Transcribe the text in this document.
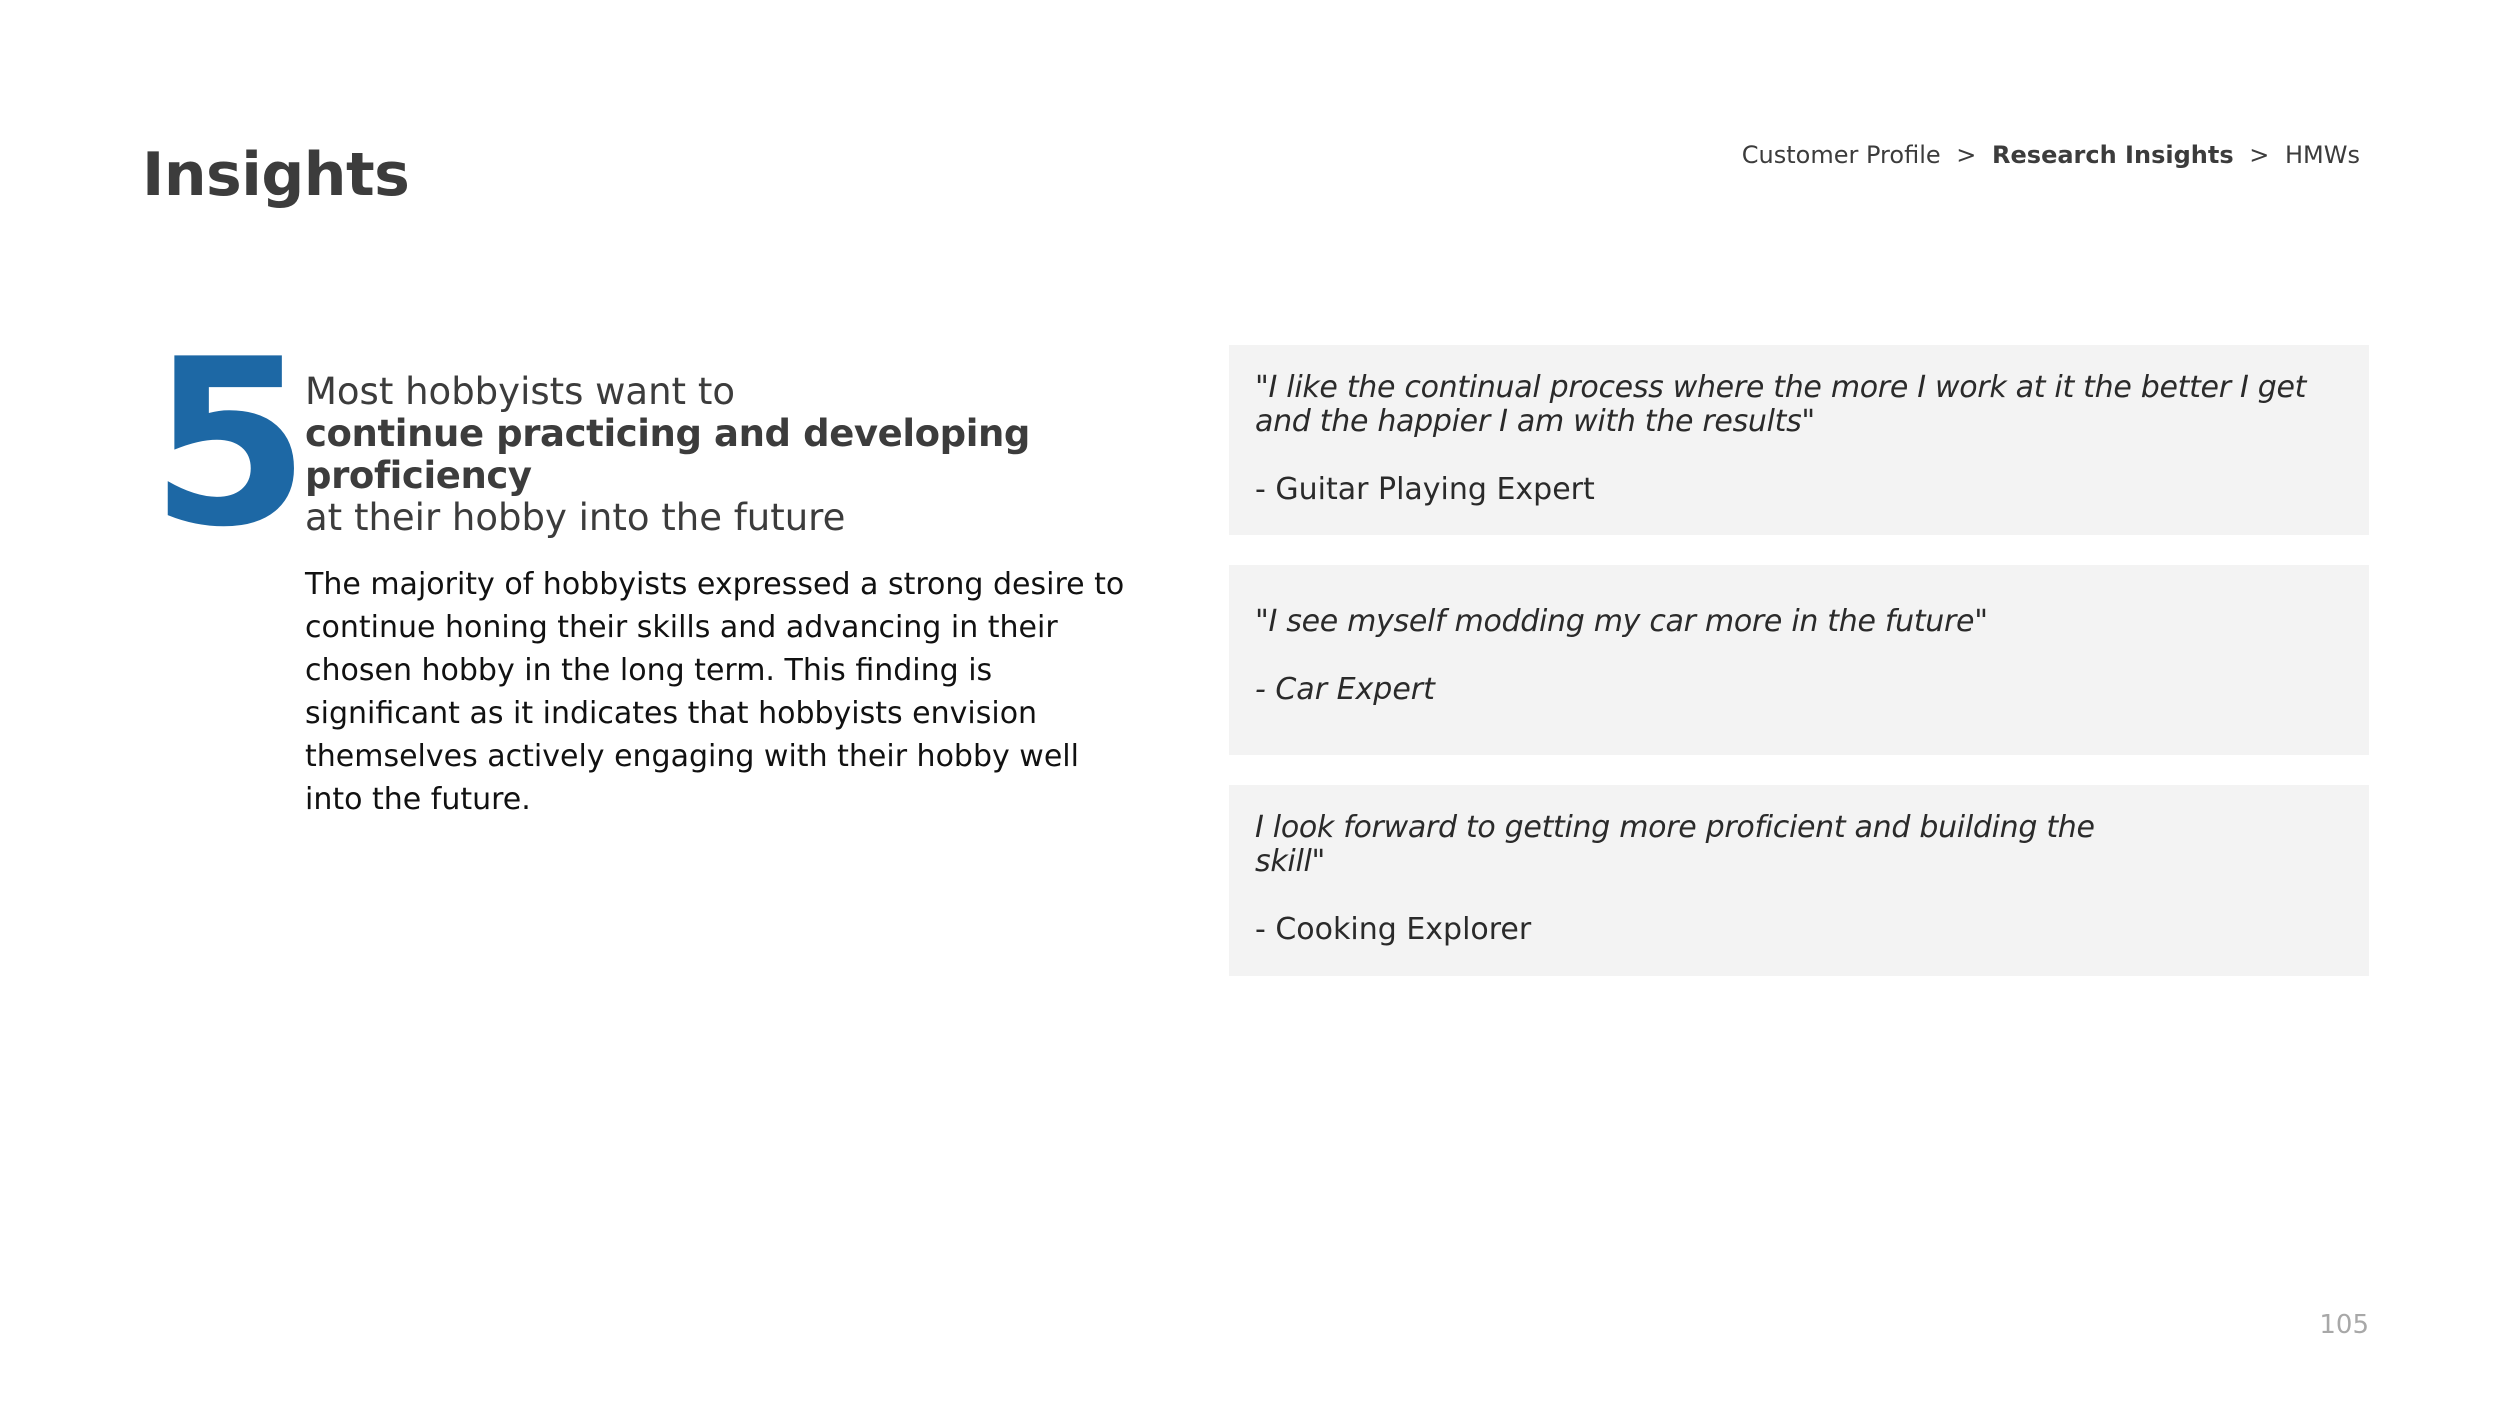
Insights	Customer Profile > Research Insights > HMWs
5 Most hobbyists want to
continue practicing and developing proficiency
at their hobby into the future

The majority of hobbyists expressed a strong desire to continue honing their skills and advancing in their chosen hobby in the long term. This finding is significant as it indicates that hobbyists envision themselves actively engaging with their hobby well into the future.

"I like the continual process where the more I work at it the better I get and the happier I am with the results"

- Guitar Playing Expert

"I see myself modding my car more in the future"

- Car Expert

I look forward to getting more proficient and building the skill"

- Cooking Explorer

105
